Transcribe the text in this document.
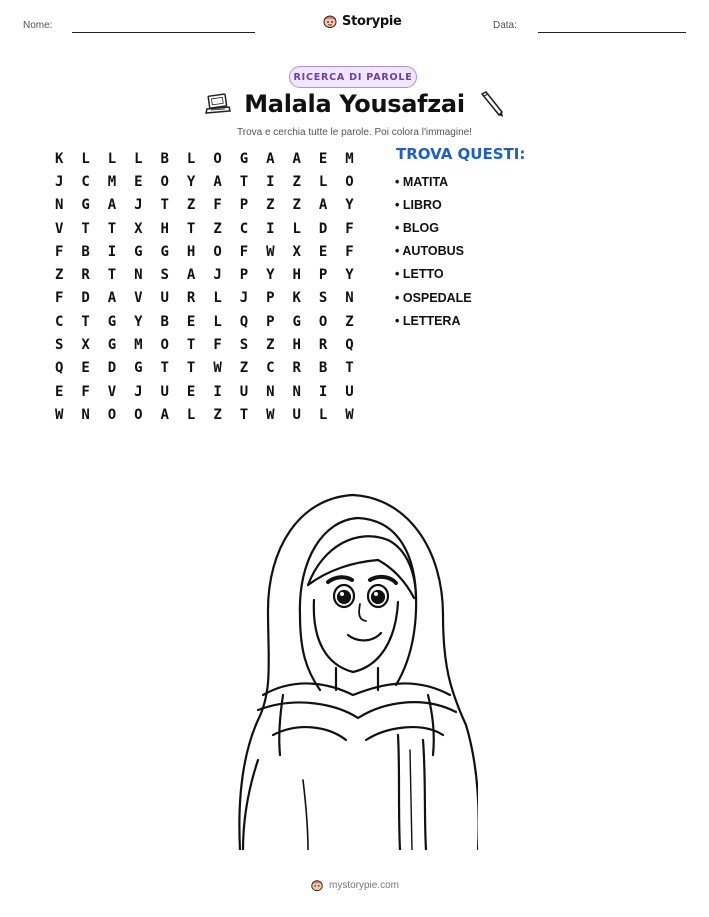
Nome:	Storypie	Data:
RICERCA DI PAROLE
Malala Yousafzai
Trova e cerchia tutte le parole. Poi colora l'immagine!
K	L	L	L	B	L	O	G	A	A	E	M
J	C	M	E	O	Y	A	T	I	Z	L	O
N	G	A	J	T	Z	F	P	Z	Z	A	Y
V	T	T	X	H	T	Z	C	I	L	D	F
F	B	I	G	G	H	O	F	W	X	E	F
Z	R	T	N	S	A	J	P	Y	H	P	Y
F	D	A	V	U	R	L	J	P	K	S	N
C	T	G	Y	B	E	L	Q	P	G	O	Z
S	X	G	M	O	T	F	S	Z	H	R	Q
Q	E	D	G	T	T	W	Z	C	R	B	T
E	F	V	J	U	E	I	U	N	N	I	U
W	N	O	O	A	L	Z	T	W	U	L	W
TROVA QUESTI:
• MATITA
• LIBRO
• BLOG
• AUTOBUS
• LETTO
• OSPEDALE
• LETTERA
mystorypie.com
